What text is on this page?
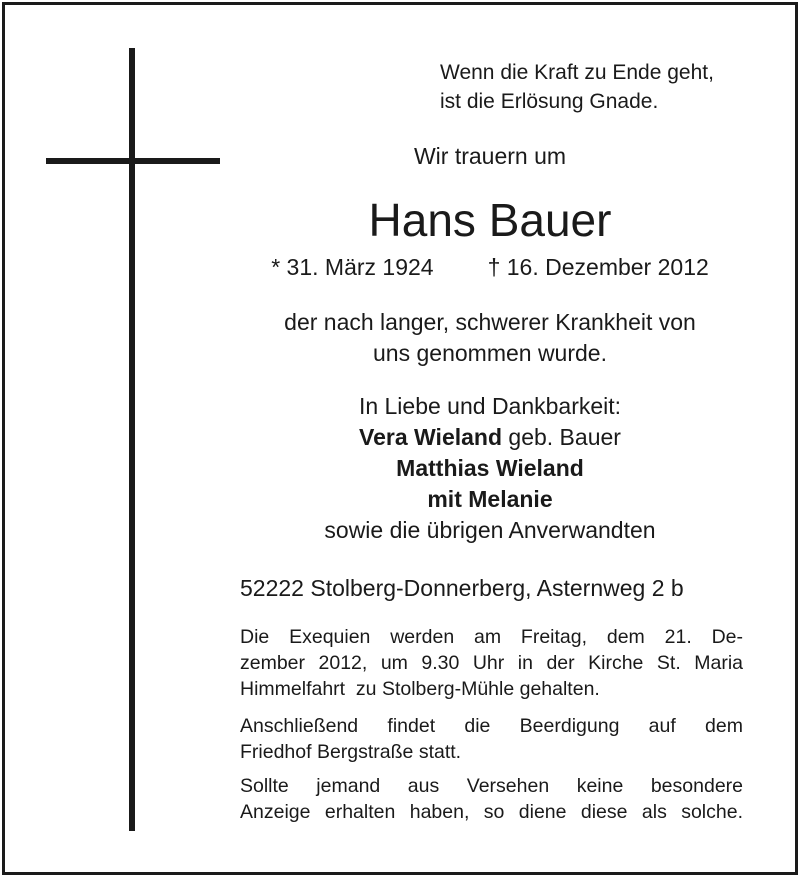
Wenn die Kraft zu Ende geht,
ist die Erlösung Gnade.
Wir trauern um
Hans Bauer
* 31. März 1924 † 16. Dezember 2012
der nach langer, schwerer Krankheit von
uns genommen wurde.
In Liebe und Dankbarkeit:
Vera Wieland geb. Bauer
Matthias Wieland
mit Melanie
sowie die übrigen Anverwandten
52222 Stolberg-Donnerberg, Asternweg 2 b
Die Exequien werden am Freitag, dem 21. De-
zember 2012, um 9.30 Uhr in der Kirche St. Maria
Himmelfahrt  zu Stolberg-Mühle gehalten.
Anschließend findet die Beerdigung auf dem
Friedhof Bergstraße statt.
Sollte jemand aus Versehen keine besondere
Anzeige erhalten haben, so diene diese als solche.
